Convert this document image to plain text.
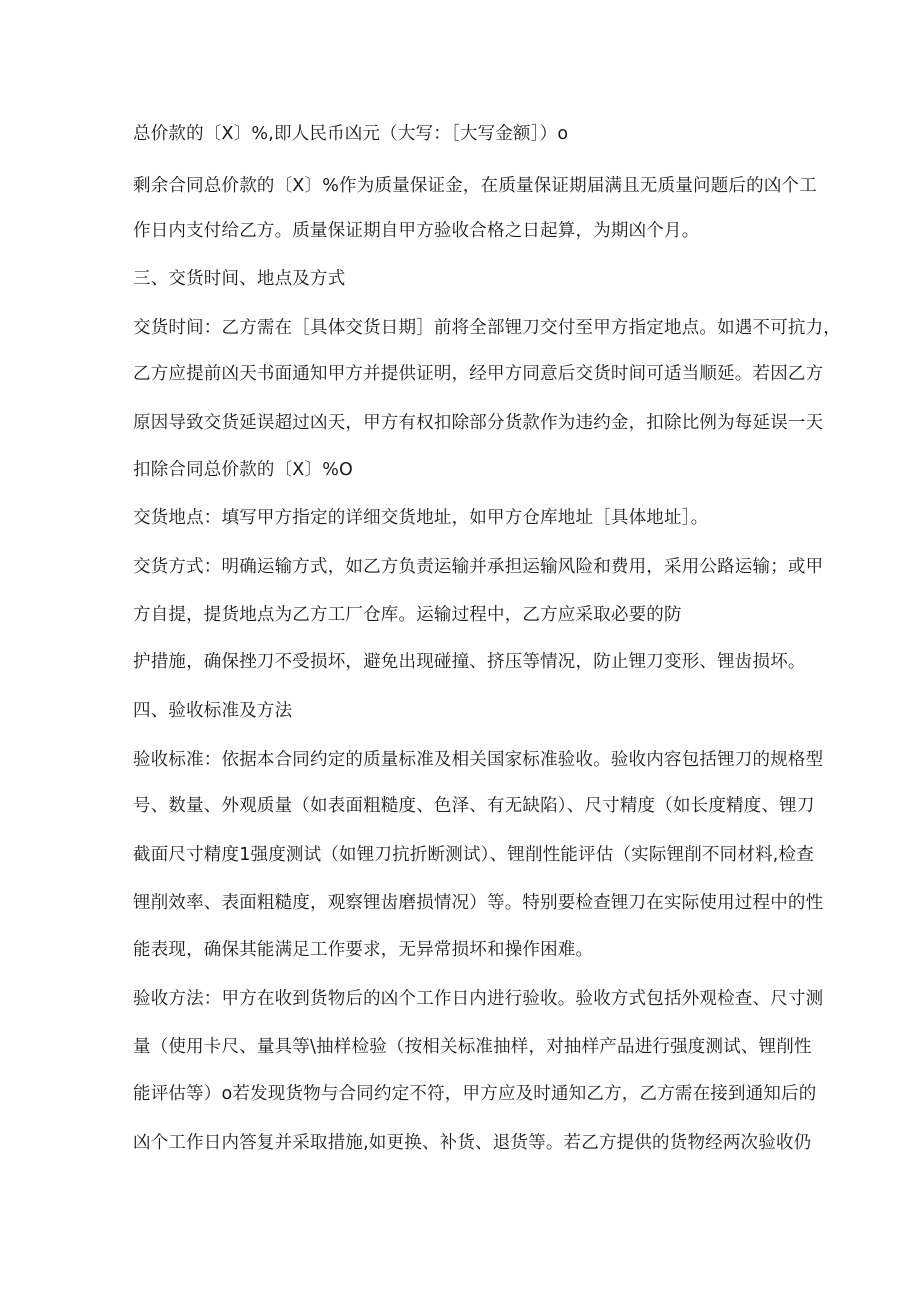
总价款的〔X〕%,即人民币凶元（大写：［大写金额］）o
剩余合同总价款的〔X〕%作为质量保证金，在质量保证期届满且无质量问题后的凶个工
作日内支付给乙方。质量保证期自甲方验收合格之日起算，为期凶个月。
三、交货时间、地点及方式
交货时间：乙方需在［具体交货日期］前将全部锂刀交付至甲方指定地点。如遇不可抗力，
乙方应提前凶天书面通知甲方并提供证明，经甲方同意后交货时间可适当顺延。若因乙方
原因导致交货延误超过凶天，甲方有权扣除部分货款作为违约金，扣除比例为每延误一天
扣除合同总价款的〔X〕%O
交货地点：填写甲方指定的详细交货地址，如甲方仓库地址［具体地址］。
交货方式：明确运输方式，如乙方负责运输并承担运输风险和费用，采用公路运输；或甲
方自提，提货地点为乙方工厂仓库。运输过程中，乙方应采取必要的防
护措施，确保挫刀不受损坏，避免出现碰撞、挤压等情况，防止锂刀变形、锂齿损坏。
四、验收标准及方法
验收标准：依据本合同约定的质量标准及相关国家标准验收。验收内容包括锂刀的规格型
号、数量、外观质量（如表面粗糙度、色泽、有无缺陷）、尺寸精度（如长度精度、锂刀
截面尺寸精度1强度测试（如锂刀抗折断测试）、锂削性能评估（实际锂削不同材料,检查
锂削效率、表面粗糙度，观察锂齿磨损情况）等。特别要检查锂刀在实际使用过程中的性
能表现，确保其能满足工作要求，无异常损坏和操作困难。
验收方法：甲方在收到货物后的凶个工作日内进行验收。验收方式包括外观检查、尺寸测
量（使用卡尺、量具等\抽样检验（按相关标准抽样，对抽样产品进行强度测试、锂削性
能评估等）o若发现货物与合同约定不符，甲方应及时通知乙方，乙方需在接到通知后的
凶个工作日内答复并采取措施,如更换、补货、退货等。若乙方提供的货物经两次验收仍
